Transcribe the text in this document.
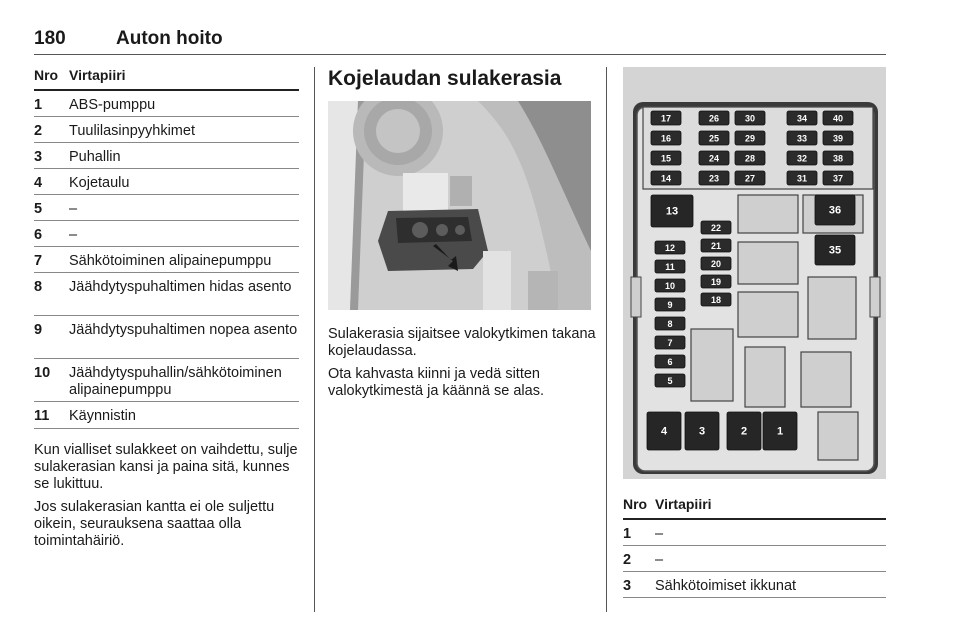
180	Auton hoito
Nro Virtapiiri
1 ABS-pumppu
2 Tuulilasinpyyhkimet
3 Puhallin
4 Kojetaulu
5 –
6 –
7 Sähkötoiminen alipainepumppu
8 Jäähdytyspuhaltimen hidas asento
9 Jäähdytyspuhaltimen nopea asento
10 Jäähdytyspuhallin/sähkötoiminen alipainepumppu
11 Käynnistin

Kun vialliset sulakkeet on vaihdettu, sulje sulakerasian kansi ja paina sitä, kunnes se lukittuu.

Jos sulakerasian kantta ei ole suljettu oikein, seurauksena saattaa olla toimintahäiriö.

Kojelaudan sulakerasia

Sulakerasia sijaitsee valokytkimen takana kojelaudassa.

Ota kahvasta kiinni ja vedä sitten valokytkimestä ja käännä se alas.

17
16
15
14
26
25
24
23
30
29
28
27
34
33
32
31
40
39
38
37
22
21
20
19
18
12
11
10
9
8
7
6
5
13	36
35
4	3	2	1
Nro Virtapiiri
1 –
2 –
3 Sähkötoimiset ikkunat
